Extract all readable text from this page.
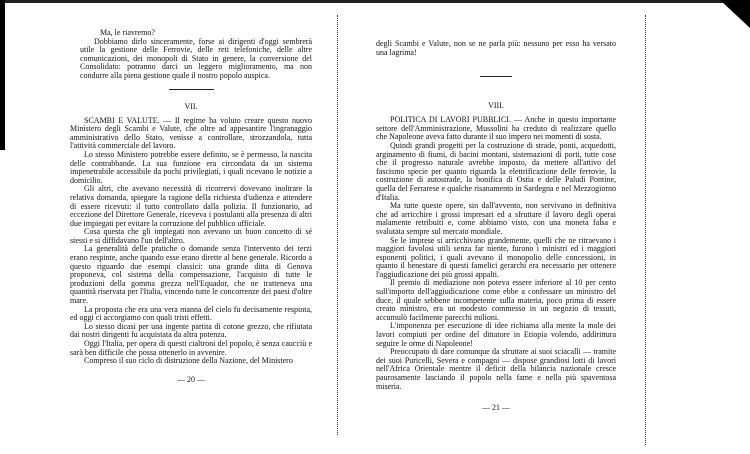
Ma, le riavremo?

Dobbiamo dirlo sinceramente, forse ai dirigenti d'oggi sembrerà utile la gestione delle Ferrovie, delle reti telefoniche, delle altre comunicazioni, dei monopoli di Stato in genere, la conversione del Consolidato: potranno darci un leggero miglioramento, ma non condurre alla piena gestione quale il nostro popolo auspica.

VII.

SCAMBI E VALUTE. — Il regime ha voluto creare questo nuovo Ministero degli Scambi e Valute, che oltre ad appesantire l'ingranaggio amministrativo dello Stato, venisse a controllare, strozzandola, tutta l'attività commerciale del lavoro.

Lo stesso Ministero potrebbe essere definito, se è permesso, la nascita delle contrabbande. La sua funzione era circondata da un sistema impenetrabile accessibile da pochi privilegiati, i quali ricevano le notizie a domicilio.

Gli altri, che avevano necessità di ricorrervi dovevano inoltrare la relativa domanda, spiegare la ragione della richiesta d'udienza e attendere di essere ricevuti: il tutto controllato dalla polizia. Il funzionario, ad eccezione del Direttore Generale, riceveva i postulanti alla presenza di altri due impiegati per evitare la corruzione del pubblico ufficiale.

Cosa questa che gli impiegati non avevano un buon concetto di sé stessi e si diffidavano l'un dell'altro.

La generalità delle pratiche o domande senza l'intervento dei terzi erano respinte, anche quando esse erano dirette al bene generale. Ricordo a questo riguardo due esempi classici: una grande ditta di Genova proponeva, col sistema della compensazione, l'acquisto di tutte le produzioni della gomma grezza nell'Equador, che ne tratteneva una quantità riservata per l'Italia, vincendo tutte le concorrenze dei paesi d'oltre mare.

La proposta che era una vera manna del cielo fu decisamente respinta, ed oggi ci accorgiamo con quali tristi effetti.

Lo stesso dicasi per una ingente partita di cotone grezzo, che rifiutata dai nostri dirigenti fu acquistata da altra potenza.

Oggi l'Italia, per opera di questi cialtroni del popolo, è senza caucciù e sarà ben difficile che possa ottenerlo in avvenire.

Compreso il suo ciclo di distruzione della Nazione, del Ministero

— 20 —

degli Scambi e Valute, non se ne parla più: nessuno per esso ha versato una lagrima!

VIII.

POLITICA DI LAVORI PUBBLICI. — Anche in questo importante settore dell'Amministrazione, Mussolini ha creduto di realizzare quello che Napoleone aveva fatto durante il suo impero nei momenti di sosta.

Quindi grandi progetti per la costruzione di strade, ponti, acquedotti, arginamento di fiumi, di bacini montani, sistemazioni di porti, tutte cose che il progresso naturale avrebbe imposto, da mettere all'attivo del fascismo specie per quanto riguarda la elettrificazione delle ferrovie, la costruzione di autostrade, la bonifica di Ostia e delle Paludi Pontine, quella del Ferrarese e qualche risanamento in Sardegna e nel Mezzogiorno d'Italia.

Ma tutte queste opere, sin dall'avvento, non servivano in definitiva che ad arricchire i grossi impresari ed a sfruttare il lavoro degli operai malamente retribuiti e, come abbiamo visto, con una moneta falsa e svalutata sempre sul mercato mondiale.

Se le imprese si arricchivano grandemente, quelli che ne ritraevano i maggiori favolosi utili senza far niente, furono i ministri ed i maggiori esponenti politici, i quali avevano il monopolio delle concessioni, in quanto il benestare di questi famelici gerarchi era necessario per ottenere l'aggiudicazione dei più grossi appalti.

Il premio di mediazione non poteva essere inferiore al 10 per cento sull'importo dell'aggiudicazione come ebbe a confessare un ministro del duce, il quale sebbene incompetente sulla materia, poco prima di essere creato ministro, era un modesto commesso in un negozio di tessuti, accumulò facilmente parecchi milioni.

L'imponenza per esecuzione di idee richiama alla mente la mole dei lavori compiuti per ordine del dittatore in Etiopia volendo, addirittura seguire le orme di Napoleone!

Preoccupato di dare comunque da sfruttare ai suoi sciacalli — tramite dei suoi Puricelli, Severa e compagni — dispose grandiosi lotti di lavori nell'Africa Orientale mentre il deficit della bilancia nazionale cresce paurosamente lasciando il popolo nella fame e nella più spaventosa miseria.

— 21 —
